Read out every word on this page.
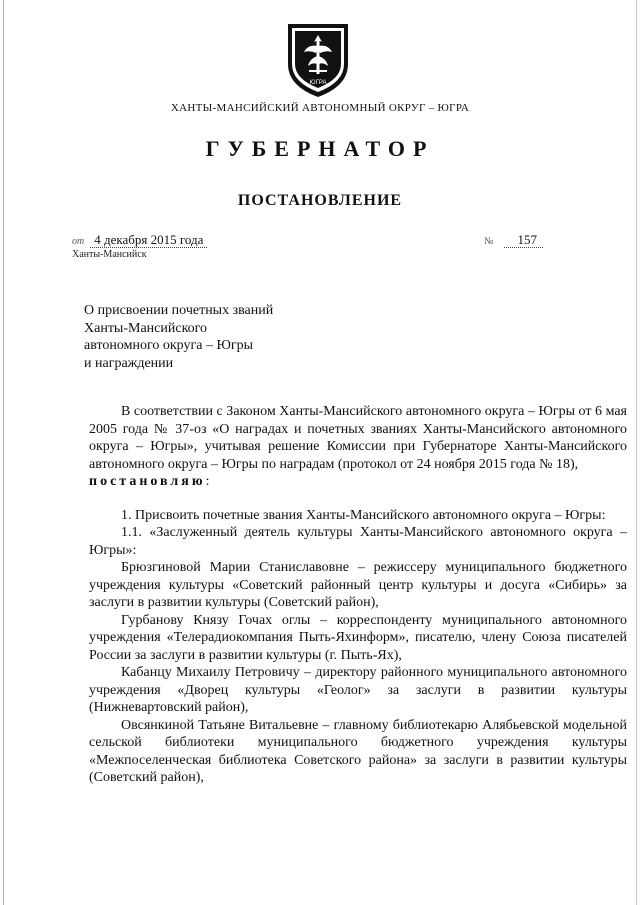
ЮГРА
ХАНТЫ-МАНСИЙСКИЙ АВТОНОМНЫЙ ОКРУГ – ЮГРА
ГУБЕРНАТОР
ПОСТАНОВЛЕНИЕ
от 4 декабря 2015 года	№ 157
Ханты-Мансийск
О присвоении почетных званий
Ханты-Мансийского
автономного округа – Югры
и награждении

В соответствии с Законом Ханты-Мансийского автономного округа – Югры от 6 мая 2005 года № 37-оз «О наградах и почетных званиях Ханты-Мансийского автономного округа – Югры», учитывая решение Комиссии при Губернаторе Ханты-Мансийского автономного округа – Югры по наградам (протокол от 24 ноября 2015 года № 18),
постановляю:

1. Присвоить почетные звания Ханты-Мансийского автономного округа – Югры:

1.1. «Заслуженный деятель культуры Ханты-Мансийского автономного округа – Югры»:

Брюзгиновой Марии Станиславовне – режиссеру муниципального бюджетного учреждения культуры «Советский районный центр культуры и досуга «Сибирь» за заслуги в развитии культуры (Советский район),

Гурбанову Князу Гочах оглы – корреспонденту муниципального автономного учреждения «Телерадиокомпания Пыть-Яхинформ», писателю, члену Союза писателей России за заслуги в развитии культуры (г. Пыть-Ях),

Кабанцу Михаилу Петровичу – директору районного муниципального автономного учреждения «Дворец культуры «Геолог» за заслуги в развитии культуры (Нижневартовский район),

Овсянкиной Татьяне Витальевне – главному библиотекарю Алябьевской модельной сельской библиотеки муниципального бюджетного учреждения культуры «Межпоселенческая библиотека Советского района» за заслуги в развитии культуры (Советский район),
